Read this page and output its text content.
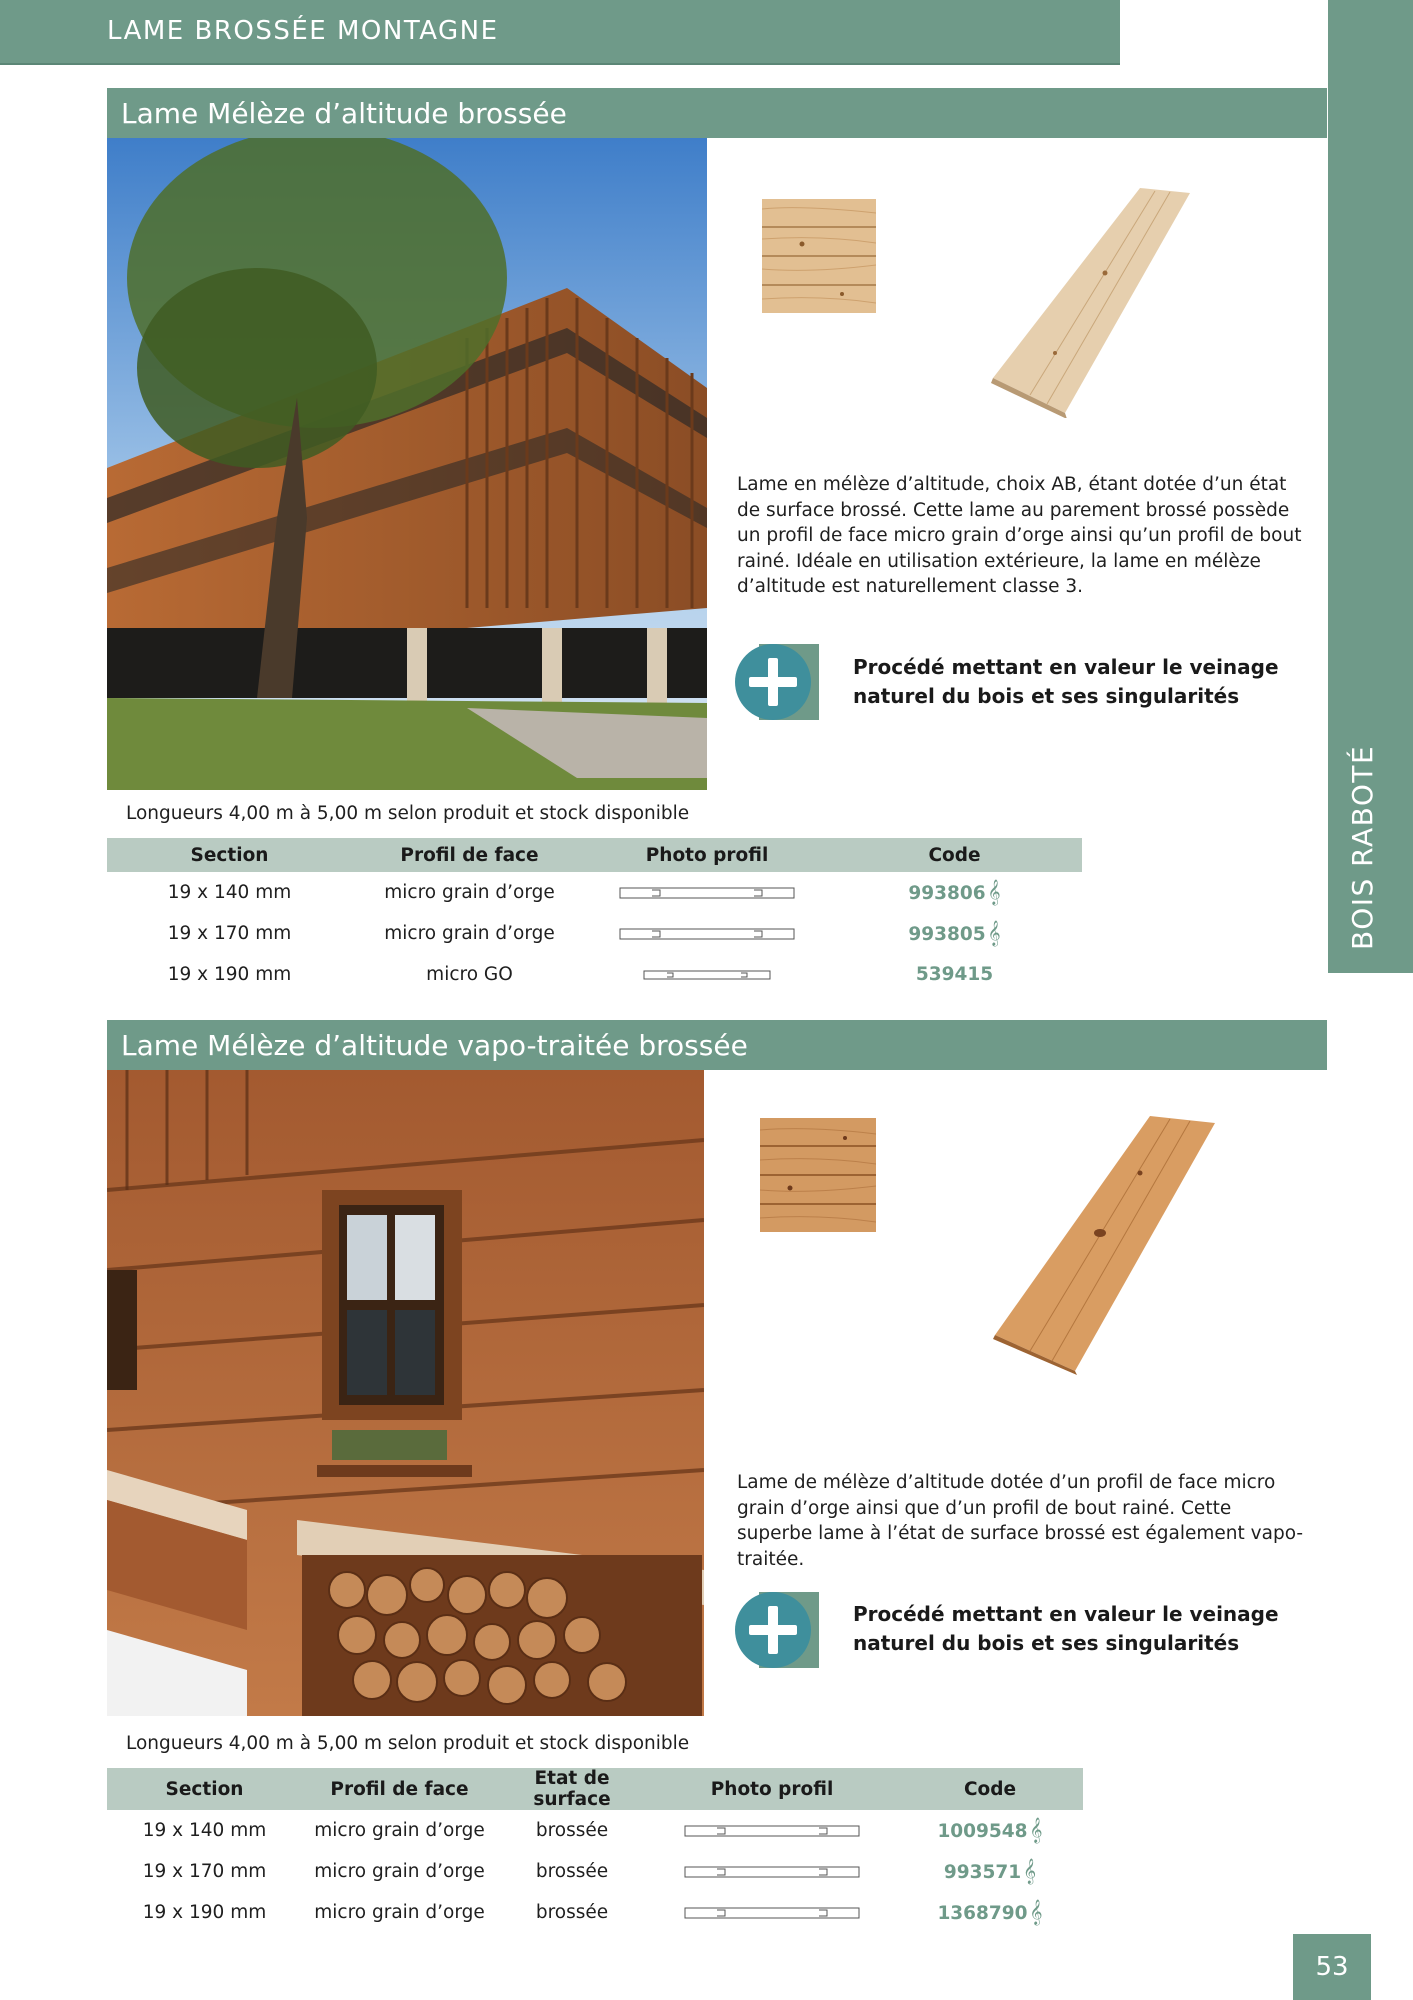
LAME BROSSÉE MONTAGNE
53
Lame Mélèze d’altitude brossée
Lame en mélèze d’altitude, choix AB, étant dotée d’un état de surface brossé. Cette lame au parement brossé possède un profil de face micro grain d’orge ainsi qu’un profil de bout rainé. Idéale en utilisation extérieure, la lame en mélèze d’altitude est naturellement classe 3.
Procédé mettant en valeur le veinage naturel du bois et ses singularités
Longueurs 4,00 m à 5,00 m selon produit et stock disponible
Section	Profil de face	Photo profil	Code
19 x 140 mm	micro grain d’orge		993806𝄞
19 x 170 mm	micro grain d’orge		993805𝄞
19 x 190 mm	micro GO		539415
Lame Mélèze d’altitude vapo-traitée brossée
Lame de mélèze d’altitude dotée d’un profil de face micro grain d’orge ainsi que d’un profil de bout rainé. Cette superbe lame à l’état de surface brossé est également vapo-traitée.
Procédé mettant en valeur le veinage naturel du bois et ses singularités
Longueurs 4,00 m à 5,00 m selon produit et stock disponible
Section	Profil de face	Etat de surface	Photo profil	Code
19 x 140 mm	micro grain d’orge	brossée		1009548𝄞
19 x 170 mm	micro grain d’orge	brossée		993571𝄞
19 x 190 mm	micro grain d’orge	brossée		1368790𝄞
